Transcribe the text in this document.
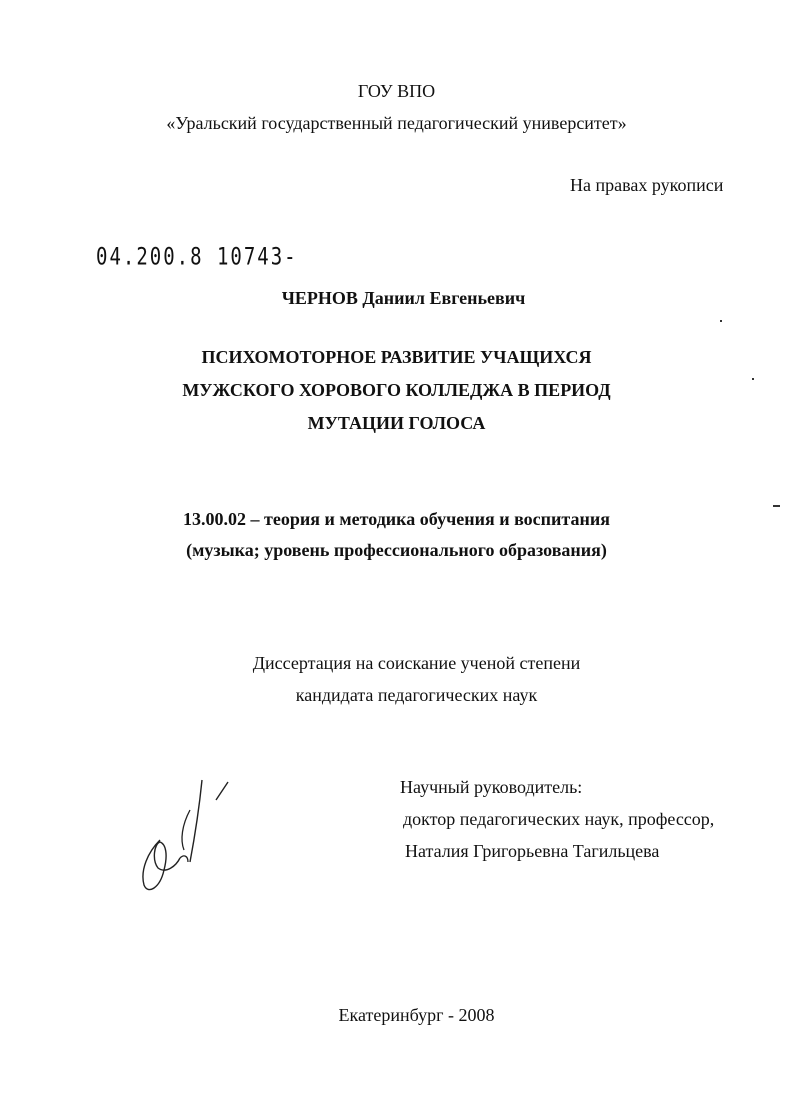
ГОУ ВПО
«Уральский государственный педагогический университет»
На правах рукописи
04.200.8 10743-
ЧЕРНОВ Даниил Евгеньевич
ПСИХОМОТОРНОЕ РАЗВИТИЕ УЧАЩИХСЯ
МУЖСКОГО ХОРОВОГО КОЛЛЕДЖА В ПЕРИОД
МУТАЦИИ ГОЛОСА
13.00.02 – теория и методика обучения и воспитания
(музыка; уровень профессионального образования)
Диссертация на соискание ученой степени
кандидата педагогических наук
Научный руководитель:
доктор педагогических наук, профессор,
Наталия Григорьевна Тагильцева
Екатеринбург - 2008
